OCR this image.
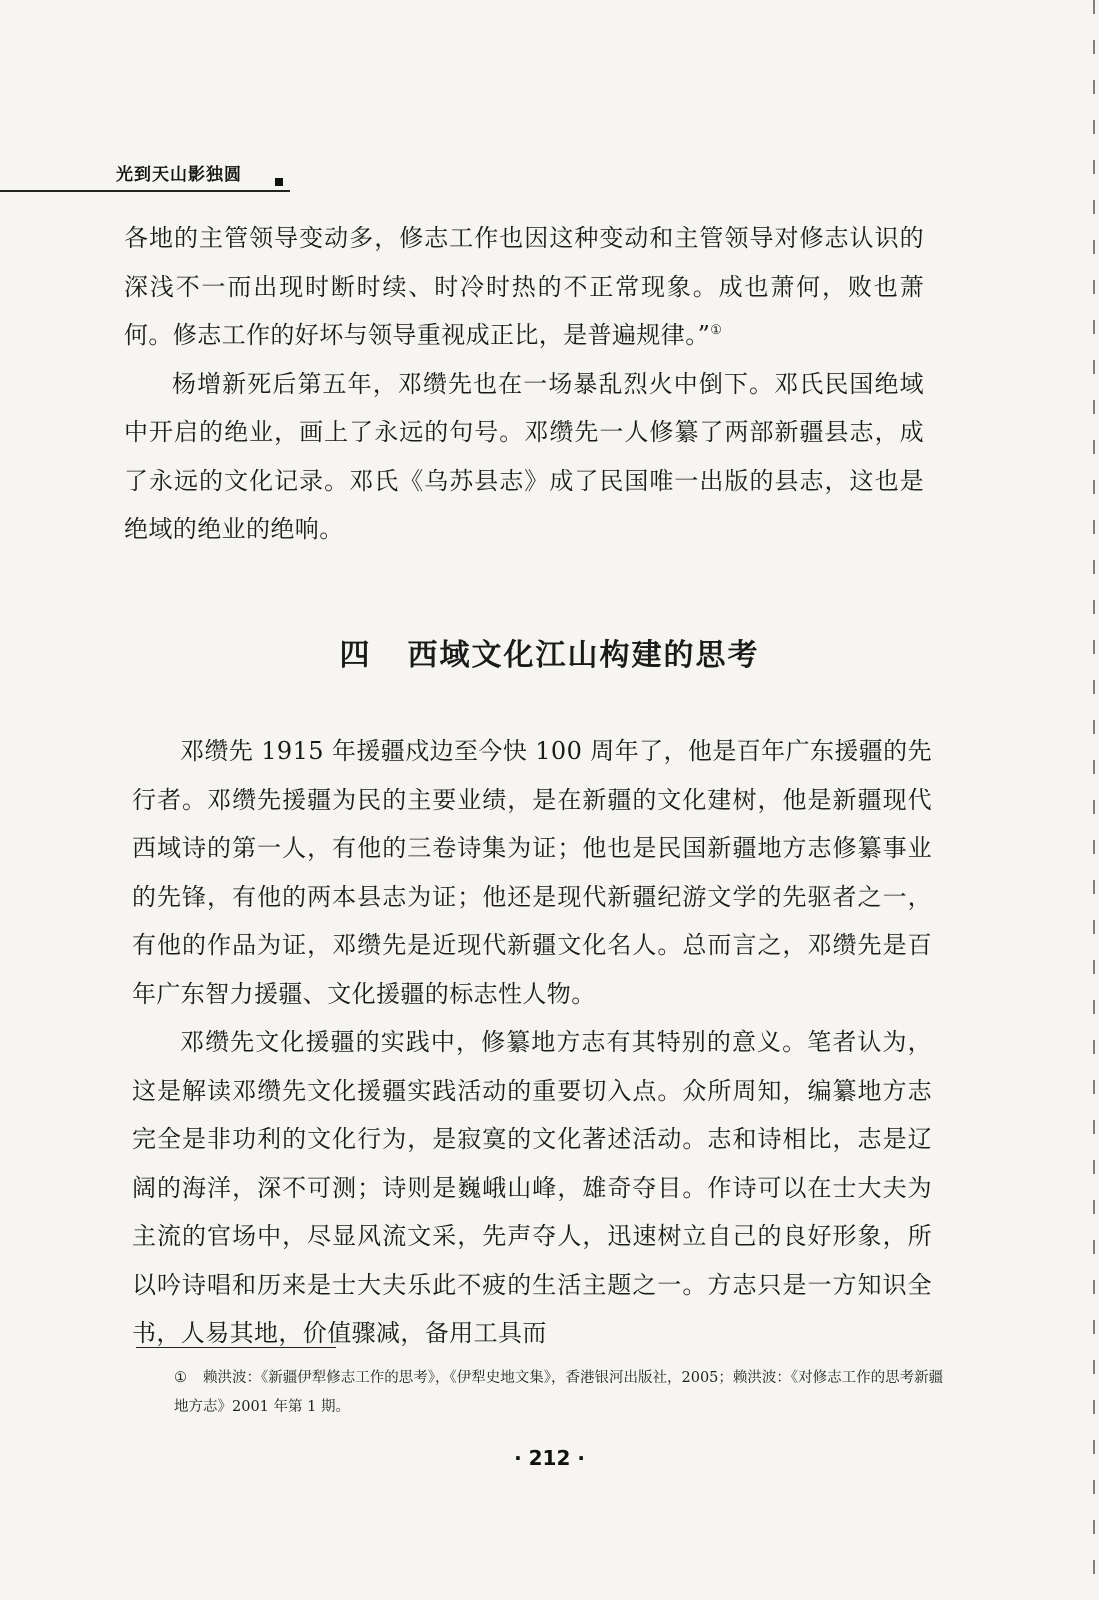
光到天山影独圆

各地的主管领导变动多，修志工作也因这种变动和主管领导对修志认识的深浅不一而出现时断时续、时冷时热的不正常现象。成也萧何，败也萧何。修志工作的好坏与领导重视成正比，是普遍规律。”①

杨增新死后第五年，邓缵先也在一场暴乱烈火中倒下。邓氏民国绝域中开启的绝业，画上了永远的句号。邓缵先一人修纂了两部新疆县志，成了永远的文化记录。邓氏《乌苏县志》成了民国唯一出版的县志，这也是绝域的绝业的绝响。

四 西域文化江山构建的思考

邓缵先 1915 年援疆戍边至今快 100 周年了，他是百年广东援疆的先行者。邓缵先援疆为民的主要业绩，是在新疆的文化建树，他是新疆现代西域诗的第一人，有他的三卷诗集为证；他也是民国新疆地方志修纂事业的先锋，有他的两本县志为证；他还是现代新疆纪游文学的先驱者之一，有他的作品为证，邓缵先是近现代新疆文化名人。总而言之，邓缵先是百年广东智力援疆、文化援疆的标志性人物。

邓缵先文化援疆的实践中，修纂地方志有其特别的意义。笔者认为，这是解读邓缵先文化援疆实践活动的重要切入点。众所周知，编纂地方志完全是非功利的文化行为，是寂寞的文化著述活动。志和诗相比，志是辽阔的海洋，深不可测；诗则是巍峨山峰，雄奇夺目。作诗可以在士大夫为主流的官场中，尽显风流文采，先声夺人，迅速树立自己的良好形象，所以吟诗唱和历来是士大夫乐此不疲的生活主题之一。方志只是一方知识全书，人易其地，价值骤减，备用工具而

① 赖洪波：《新疆伊犁修志工作的思考》，《伊犁史地文集》，香港银河出版社，2005；赖洪波：《对修志工作的思考新疆地方志》2001 年第 1 期。
· 212 ·
